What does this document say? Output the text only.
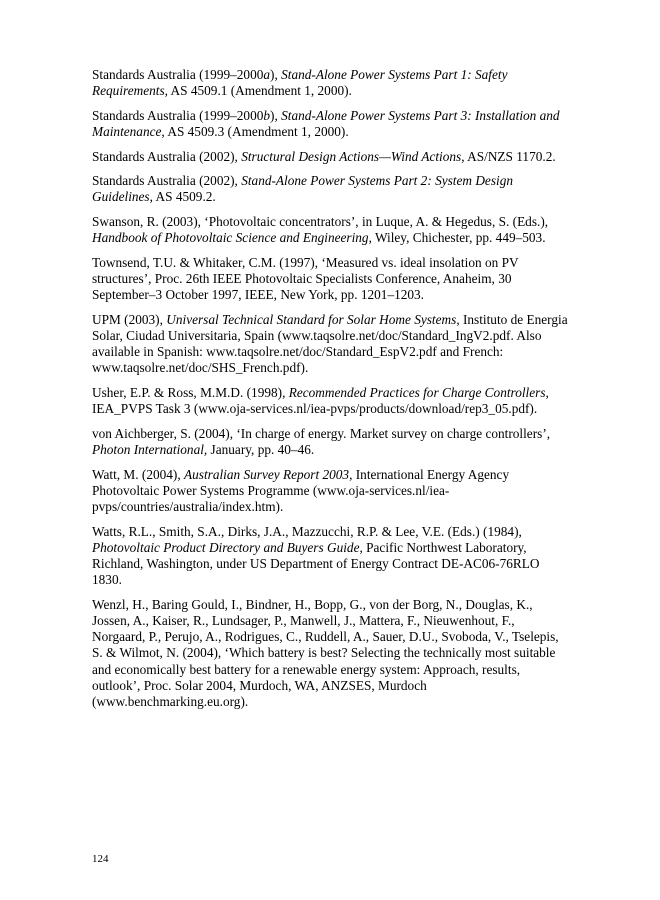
Standards Australia (1999–2000a), Stand-Alone Power Systems Part 1: Safety Requirements, AS 4509.1 (Amendment 1, 2000).

Standards Australia (1999–2000b), Stand-Alone Power Systems Part 3: Installation and Maintenance, AS 4509.3 (Amendment 1, 2000).

Standards Australia (2002), Structural Design Actions—Wind Actions, AS/NZS 1170.2.

Standards Australia (2002), Stand-Alone Power Systems Part 2: System Design Guidelines, AS 4509.2.

Swanson, R. (2003), ‘Photovoltaic concentrators’, in Luque, A. & Hegedus, S. (Eds.), Handbook of Photovoltaic Science and Engineering, Wiley, Chichester, pp. 449–503.

Townsend, T.U. & Whitaker, C.M. (1997), ‘Measured vs. ideal insolation on PV structures’, Proc. 26th IEEE Photovoltaic Specialists Conference, Anaheim, 30 September–3 October 1997, IEEE, New York, pp. 1201–1203.

UPM (2003), Universal Technical Standard for Solar Home Systems, Instituto de Energia Solar, Ciudad Universitaria, Spain (www.taqsolre.net/doc/Standard_IngV2.pdf. Also available in Spanish: www.taqsolre.net/doc/Standard_EspV2.pdf and French: www.taqsolre.net/doc/SHS_French.pdf).

Usher, E.P. & Ross, M.M.D. (1998), Recommended Practices for Charge Controllers, IEA_PVPS Task 3 (www.oja-services.nl/iea-pvps/products/download/rep3_05.pdf).

von Aichberger, S. (2004), ‘In charge of energy. Market survey on charge controllers’, Photon International, January, pp. 40–46.

Watt, M. (2004), Australian Survey Report 2003, International Energy Agency Photovoltaic Power Systems Programme (www.oja-services.nl/iea-pvps/countries/australia/index.htm).

Watts, R.L., Smith, S.A., Dirks, J.A., Mazzucchi, R.P. & Lee, V.E. (Eds.) (1984), Photovoltaic Product Directory and Buyers Guide, Pacific Northwest Laboratory, Richland, Washington, under US Department of Energy Contract DE-AC06-76RLO 1830.

Wenzl, H., Baring Gould, I., Bindner, H., Bopp, G., von der Borg, N., Douglas, K., Jossen, A., Kaiser, R., Lundsager, P., Manwell, J., Mattera, F., Nieuwenhout, F., Norgaard, P., Perujo, A., Rodrigues, C., Ruddell, A., Sauer, D.U., Svoboda, V., Tselepis, S. & Wilmot, N. (2004), ‘Which battery is best? Selecting the technically most suitable and economically best battery for a renewable energy system: Approach, results, outlook’, Proc. Solar 2004, Murdoch, WA, ANZSES, Murdoch (www.benchmarking.eu.org).

124
